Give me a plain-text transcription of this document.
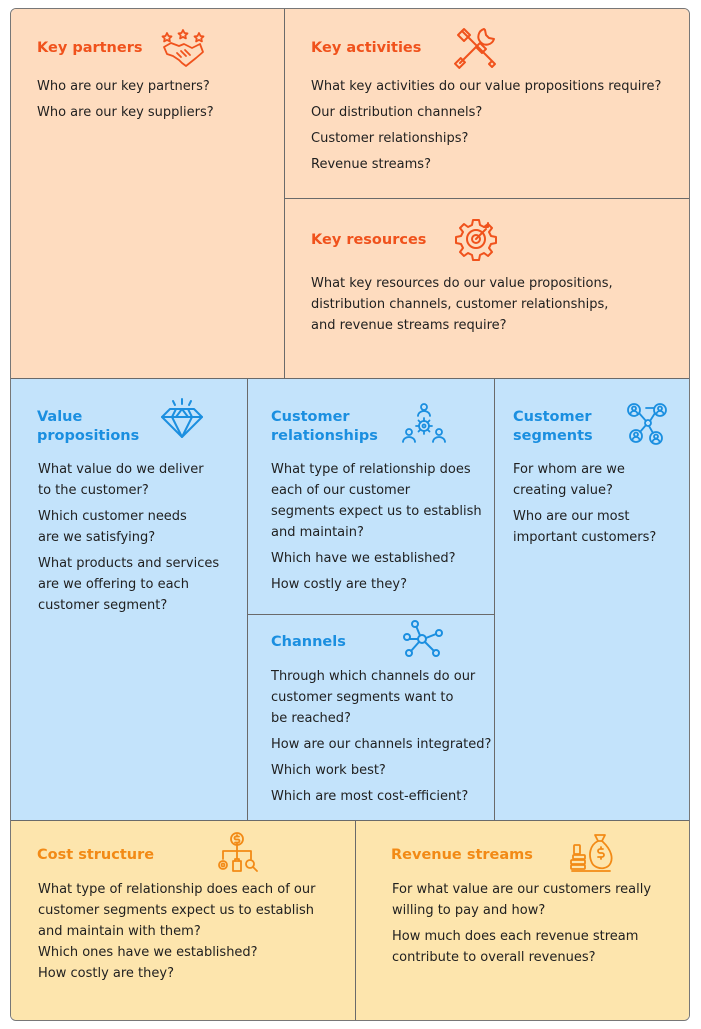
Key partners

Who are our key partners?

Who are our key suppliers?

Key activities

What key activities do our value propositions require?

Our distribution channels?

Customer relationships?

Revenue streams?

Key resources

What key resources do our value propositions,
distribution channels, customer relationships,
and revenue streams require?

Value
propositions

What value do we deliver
to the customer?

Which customer needs
are we satisfying?

What products and services
are we offering to each
customer segment?

Customer
relationships

What type of relationship does
each of our customer
segments expect us to establish
and maintain?

Which have we established?

How costly are they?

Customer
segments

For whom are we
creating value?

Who are our most
important customers?

Channels

Through which channels do our
customer segments want to
be reached?

How are our channels integrated?

Which work best?

Which are most cost-efficient?

Cost structure

What type of relationship does each of our
customer segments expect us to establish
and maintain with them?

Which ones have we established?

How costly are they?

Revenue streams

For what value are our customers really
willing to pay and how?

How much does each revenue stream
contribute to overall revenues?
